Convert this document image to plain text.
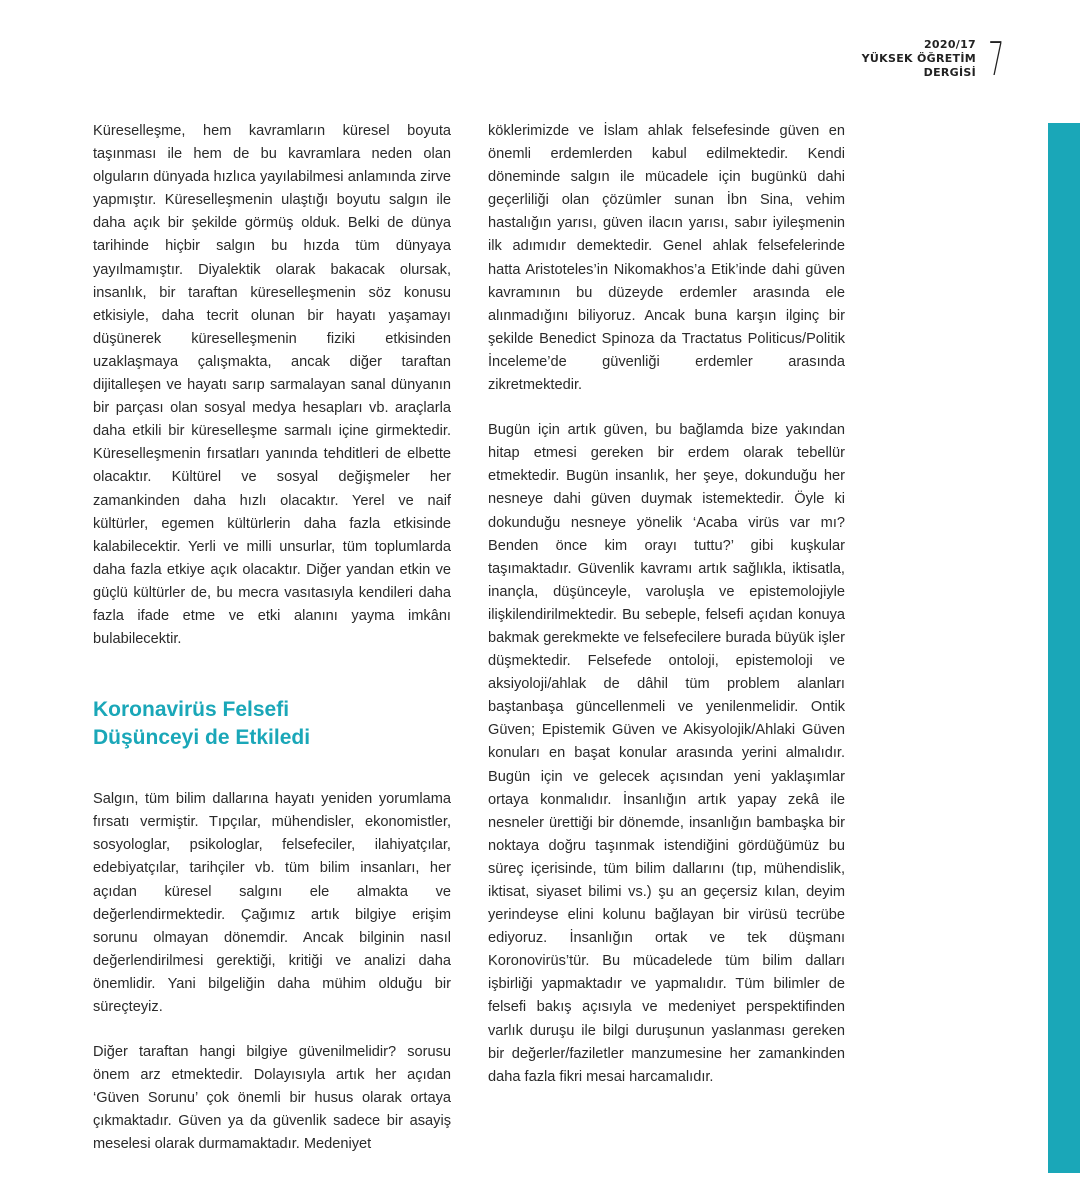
2020/17
YÜKSEK ÖĞRETİM
DERGİSİ 7

Küreselleşme, hem kavramların küresel boyuta taşınması ile hem de bu kavramlara neden olan olguların dünyada hızlıca yayılabilmesi anlamında zirve yapmıştır. Küreselleşmenin ulaştığı boyutu salgın ile daha açık bir şekilde görmüş olduk. Belki de dünya tarihinde hiçbir salgın bu hızda tüm dünyaya yayılmamıştır. Diyalektik olarak bakacak olursak, insanlık, bir taraftan küreselleşmenin söz konusu etkisiyle, daha tecrit olunan bir hayatı yaşamayı düşünerek küreselleşmenin fiziki etkisinden uzaklaşmaya çalışmakta, ancak diğer taraftan dijitalleşen ve hayatı sarıp sarmalayan sanal dünyanın bir parçası olan sosyal medya hesapları vb. araçlarla daha etkili bir küreselleşme sarmalı içine girmektedir. Küreselleşmenin fırsatları yanında tehditleri de elbette olacaktır. Kültürel ve sosyal değişmeler her zamankinden daha hızlı olacaktır. Yerel ve naif kültürler, egemen kültürlerin daha fazla etkisinde kalabilecektir. Yerli ve milli unsurlar, tüm toplumlarda daha fazla etkiye açık olacaktır. Diğer yandan etkin ve güçlü kültürler de, bu mecra vasıtasıyla kendileri daha fazla ifade etme ve etki alanını yayma imkânı bulabilecektir.

Koronavirüs Felsefi
Düşünceyi de Etkiledi

Salgın, tüm bilim dallarına hayatı yeniden yorumlama fırsatı vermiştir. Tıpçılar, mühendisler, ekonomistler, sosyologlar, psikologlar, felsefeciler, ilahiyatçılar, edebiyatçılar, tarihçiler vb. tüm bilim insanları, her açıdan küresel salgını ele almakta ve değerlendirmektedir. Çağımız artık bilgiye erişim sorunu olmayan dönemdir. Ancak bilginin nasıl değerlendirilmesi gerektiği, kritiği ve analizi daha önemlidir. Yani bilgeliğin daha mühim olduğu bir süreçteyiz.

Diğer taraftan hangi bilgiye güvenilmelidir? sorusu önem arz etmektedir. Dolayısıyla artık her açıdan ‘Güven Sorunu’ çok önemli bir husus olarak ortaya çıkmaktadır. Güven ya da güvenlik sadece bir asayiş meselesi olarak durmamaktadır. Medeniyet

köklerimizde ve İslam ahlak felsefesinde güven en önemli erdemlerden kabul edilmektedir. Kendi döneminde salgın ile mücadele için bugünkü dahi geçerliliği olan çözümler sunan İbn Sina, vehim hastalığın yarısı, güven ilacın yarısı, sabır iyileşmenin ilk adımıdır demektedir. Genel ahlak felsefelerinde hatta Aristoteles’in Nikomakhos’a Etik’inde dahi güven kavramının bu düzeyde erdemler arasında ele alınmadığını biliyoruz. Ancak buna karşın ilginç bir şekilde Benedict Spinoza da Tractatus Politicus/Politik İnceleme’de güvenliği erdemler arasında zikretmektedir.

Bugün için artık güven, bu bağlamda bize yakından hitap etmesi gereken bir erdem olarak tebellür etmektedir. Bugün insanlık, her şeye, dokunduğu her nesneye dahi güven duymak istemektedir. Öyle ki dokunduğu nesneye yönelik ‘Acaba virüs var mı? Benden önce kim orayı tuttu?’ gibi kuşkular taşımaktadır. Güvenlik kavramı artık sağlıkla, iktisatla, inançla, düşünceyle, varoluşla ve epistemolojiyle ilişkilendirilmektedir. Bu sebeple, felsefi açıdan konuya bakmak gerekmekte ve felsefecilere burada büyük işler düşmektedir. Felsefede ontoloji, epistemoloji ve aksiyoloji/ahlak de dâhil tüm problem alanları baştanbaşa güncellenmeli ve yenilenmelidir. Ontik Güven; Epistemik Güven ve Akisyolojik/Ahlaki Güven konuları en başat konular arasında yerini almalıdır. Bugün için ve gelecek açısından yeni yaklaşımlar ortaya konmalıdır. İnsanlığın artık yapay zekâ ile nesneler ürettiği bir dönemde, insanlığın bambaşka bir noktaya doğru taşınmak istendiğini gördüğümüz bu süreç içerisinde, tüm bilim dallarını (tıp, mühendislik, iktisat, siyaset bilimi vs.) şu an geçersiz kılan, deyim yerindeyse elini kolunu bağlayan bir virüsü tecrübe ediyoruz. İnsanlığın ortak ve tek düşmanı Koronovirüs’tür. Bu mücadelede tüm bilim dalları işbirliği yapmaktadır ve yapmalıdır. Tüm bilimler de felsefi bakış açısıyla ve medeniyet perspektifinden varlık duruşu ile bilgi duruşunun yaslanması gereken bir değerler/faziletler manzumesine her zamankinden daha fazla fikri mesai harcamalıdır.
